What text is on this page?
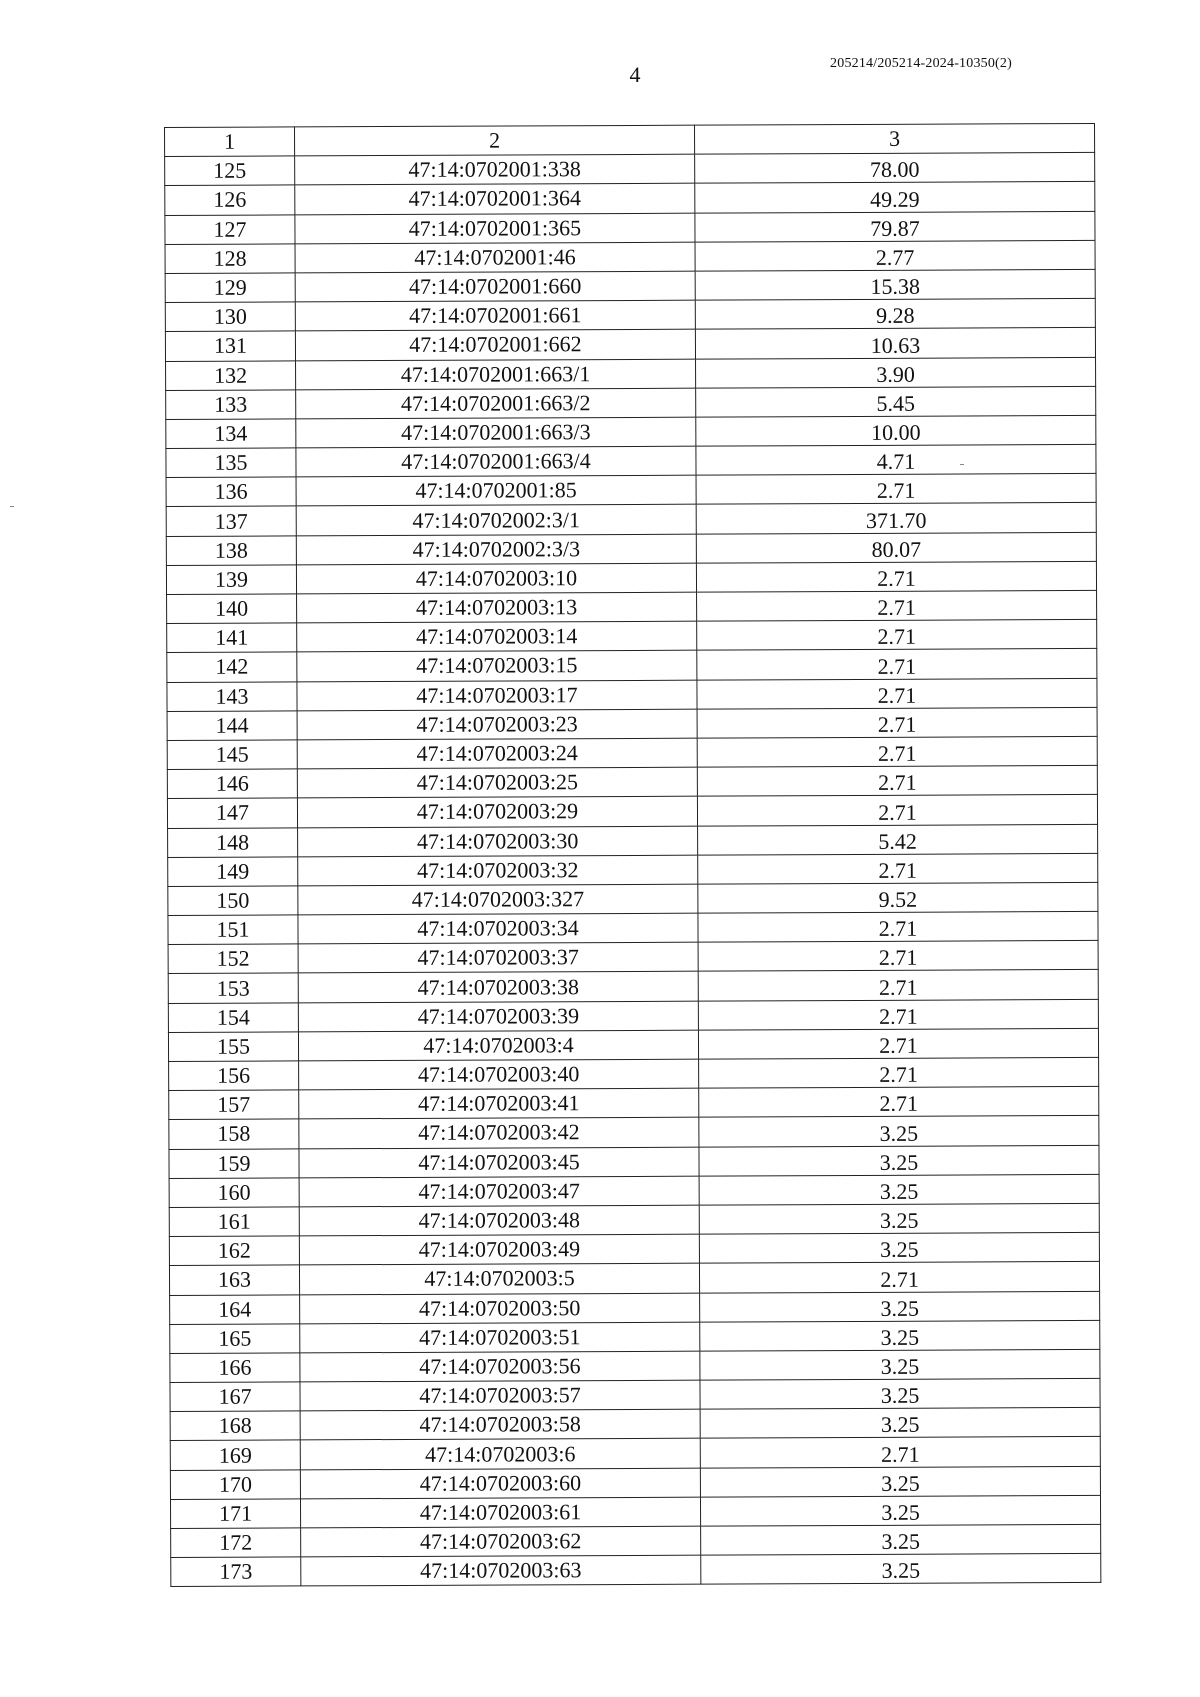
4	205214/205214-2024-10350(2)
1	2	3
125	47:14:0702001:338	78.00
126	47:14:0702001:364	49.29
127	47:14:0702001:365	79.87
128	47:14:0702001:46	2.77
129	47:14:0702001:660	15.38
130	47:14:0702001:661	9.28
131	47:14:0702001:662	10.63
132	47:14:0702001:663/1	3.90
133	47:14:0702001:663/2	5.45
134	47:14:0702001:663/3	10.00
135	47:14:0702001:663/4	4.71
136	47:14:0702001:85	2.71
137	47:14:0702002:3/1	371.70
138	47:14:0702002:3/3	80.07
139	47:14:0702003:10	2.71
140	47:14:0702003:13	2.71
141	47:14:0702003:14	2.71
142	47:14:0702003:15	2.71
143	47:14:0702003:17	2.71
144	47:14:0702003:23	2.71
145	47:14:0702003:24	2.71
146	47:14:0702003:25	2.71
147	47:14:0702003:29	2.71
148	47:14:0702003:30	5.42
149	47:14:0702003:32	2.71
150	47:14:0702003:327	9.52
151	47:14:0702003:34	2.71
152	47:14:0702003:37	2.71
153	47:14:0702003:38	2.71
154	47:14:0702003:39	2.71
155	47:14:0702003:4	2.71
156	47:14:0702003:40	2.71
157	47:14:0702003:41	2.71
158	47:14:0702003:42	3.25
159	47:14:0702003:45	3.25
160	47:14:0702003:47	3.25
161	47:14:0702003:48	3.25
162	47:14:0702003:49	3.25
163	47:14:0702003:5	2.71
164	47:14:0702003:50	3.25
165	47:14:0702003:51	3.25
166	47:14:0702003:56	3.25
167	47:14:0702003:57	3.25
168	47:14:0702003:58	3.25
169	47:14:0702003:6	2.71
170	47:14:0702003:60	3.25
171	47:14:0702003:61	3.25
172	47:14:0702003:62	3.25
173	47:14:0702003:63	3.25
